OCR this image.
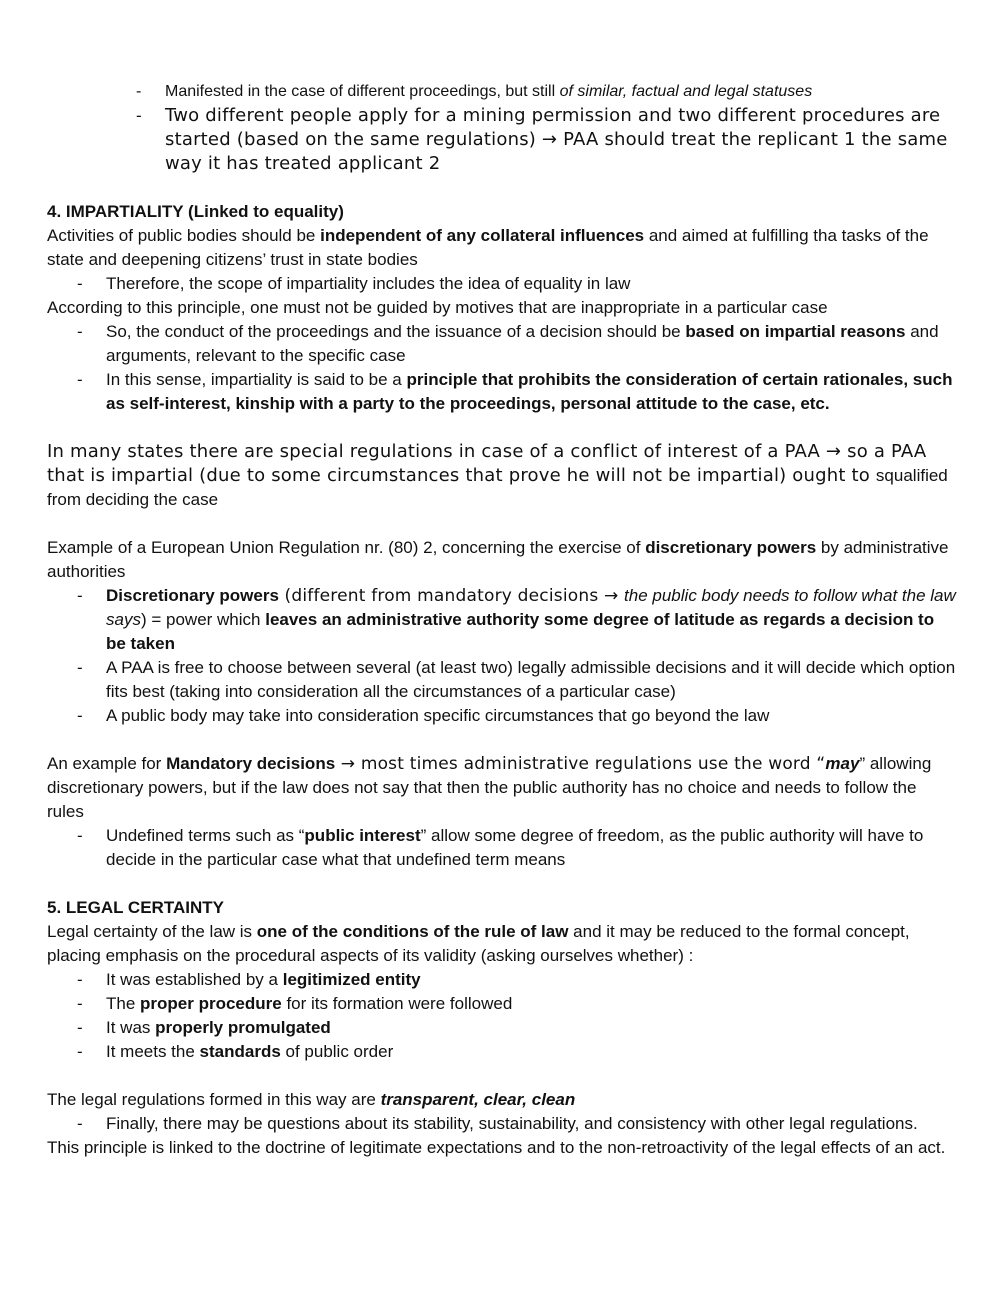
- Manifested in the case of different proceedings, but still of similar, factual and legal statuses
- Two different people apply for a mining permission and two different procedures are started (based on the same regulations) → PAA should treat the replicant 1 the same way it has treated applicant 2

4. IMPARTIALITY (Linked to equality)

Activities of public bodies should be independent of any collateral influences and aimed at fulfilling tha tasks of the state and deepening citizens’ trust in state bodies

- Therefore, the scope of impartiality includes the idea of equality in law

According to this principle, one must not be guided by motives that are inappropriate in a particular case

- So, the conduct of the proceedings and the issuance of a decision should be based on impartial reasons and arguments, relevant to the specific case
- In this sense, impartiality is said to be a principle that prohibits the consideration of certain rationales, such as self-interest, kinship with a party to the proceedings, personal attitude to the case, etc.

In many states there are special regulations in case of a conflict of interest of a PAA → so a PAA that is impartial (due to some circumstances that prove he will not be impartial) ought to squalified from deciding the case

Example of a European Union Regulation nr. (80) 2, concerning the exercise of discretionary powers by administrative authorities

- Discretionary powers (different from mandatory decisions → the public body needs to follow what the law says) = power which leaves an administrative authority some degree of latitude as regards a decision to be taken
- A PAA is free to choose between several (at least two) legally admissible decisions and it will decide which option fits best (taking into consideration all the circumstances of a particular case)
- A public body may take into consideration specific circumstances that go beyond the law

An example for Mandatory decisions → most times administrative regulations use the word “may” allowing discretionary powers, but if the law does not say that then the public authority has no choice and needs to follow the rules

- Undefined terms such as “public interest” allow some degree of freedom, as the public authority will have to decide in the particular case what that undefined term means

5. LEGAL CERTAINTY

Legal certainty of the law is one of the conditions of the rule of law and it may be reduced to the formal concept, placing emphasis on the procedural aspects of its validity (asking ourselves whether) :

- It was established by a legitimized entity
- The proper procedure for its formation were followed
- It was properly promulgated
- It meets the standards of public order

The legal regulations formed in this way are transparent, clear, clean

- Finally, there may be questions about its stability, sustainability, and consistency with other legal regulations.

This principle is linked to the doctrine of legitimate expectations and to the non-retroactivity of the legal effects of an act.
